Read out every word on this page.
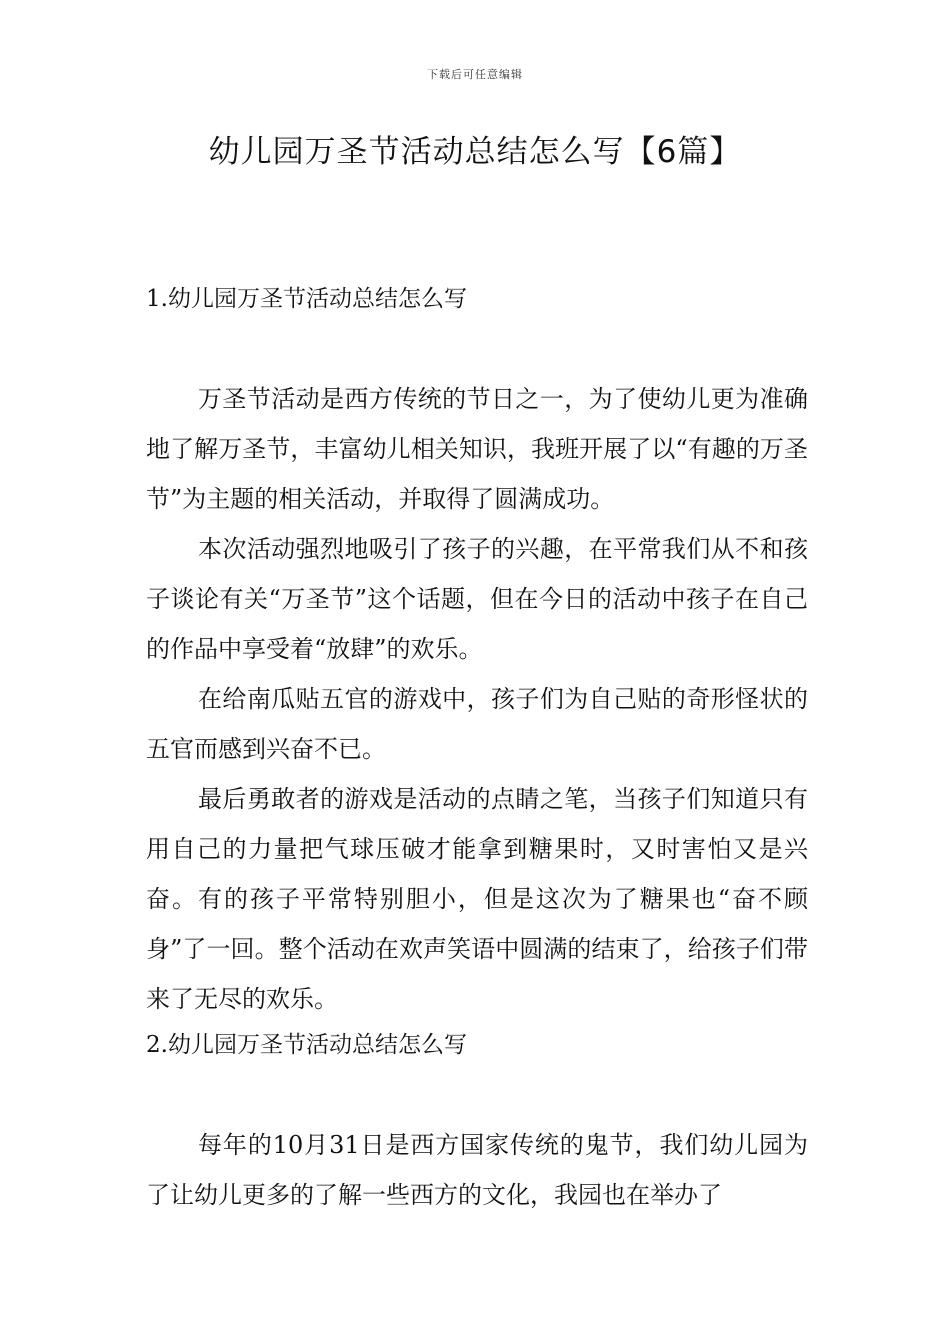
下载后可任意编辑
幼儿园万圣节活动总结怎么写【6篇】

1.幼儿园万圣节活动总结怎么写

万圣节活动是西方传统的节日之一，为了使幼儿更为准确地了解万圣节，丰富幼儿相关知识，我班开展了以“有趣的万圣节”为主题的相关活动，并取得了圆满成功。

本次活动强烈地吸引了孩子的兴趣，在平常我们从不和孩子谈论有关“万圣节”这个话题，但在今日的活动中孩子在自己的作品中享受着“放肆”的欢乐。

在给南瓜贴五官的游戏中，孩子们为自己贴的奇形怪状的五官而感到兴奋不已。

最后勇敢者的游戏是活动的点睛之笔，当孩子们知道只有用自己的力量把气球压破才能拿到糖果时，又时害怕又是兴奋。有的孩子平常特别胆小，但是这次为了糖果也“奋不顾身”了一回。整个活动在欢声笑语中圆满的结束了，给孩子们带来了无尽的欢乐。

2.幼儿园万圣节活动总结怎么写

每年的10月31日是西方国家传统的鬼节，我们幼儿园为了让幼儿更多的了解一些西方的文化，我园也在举办了
